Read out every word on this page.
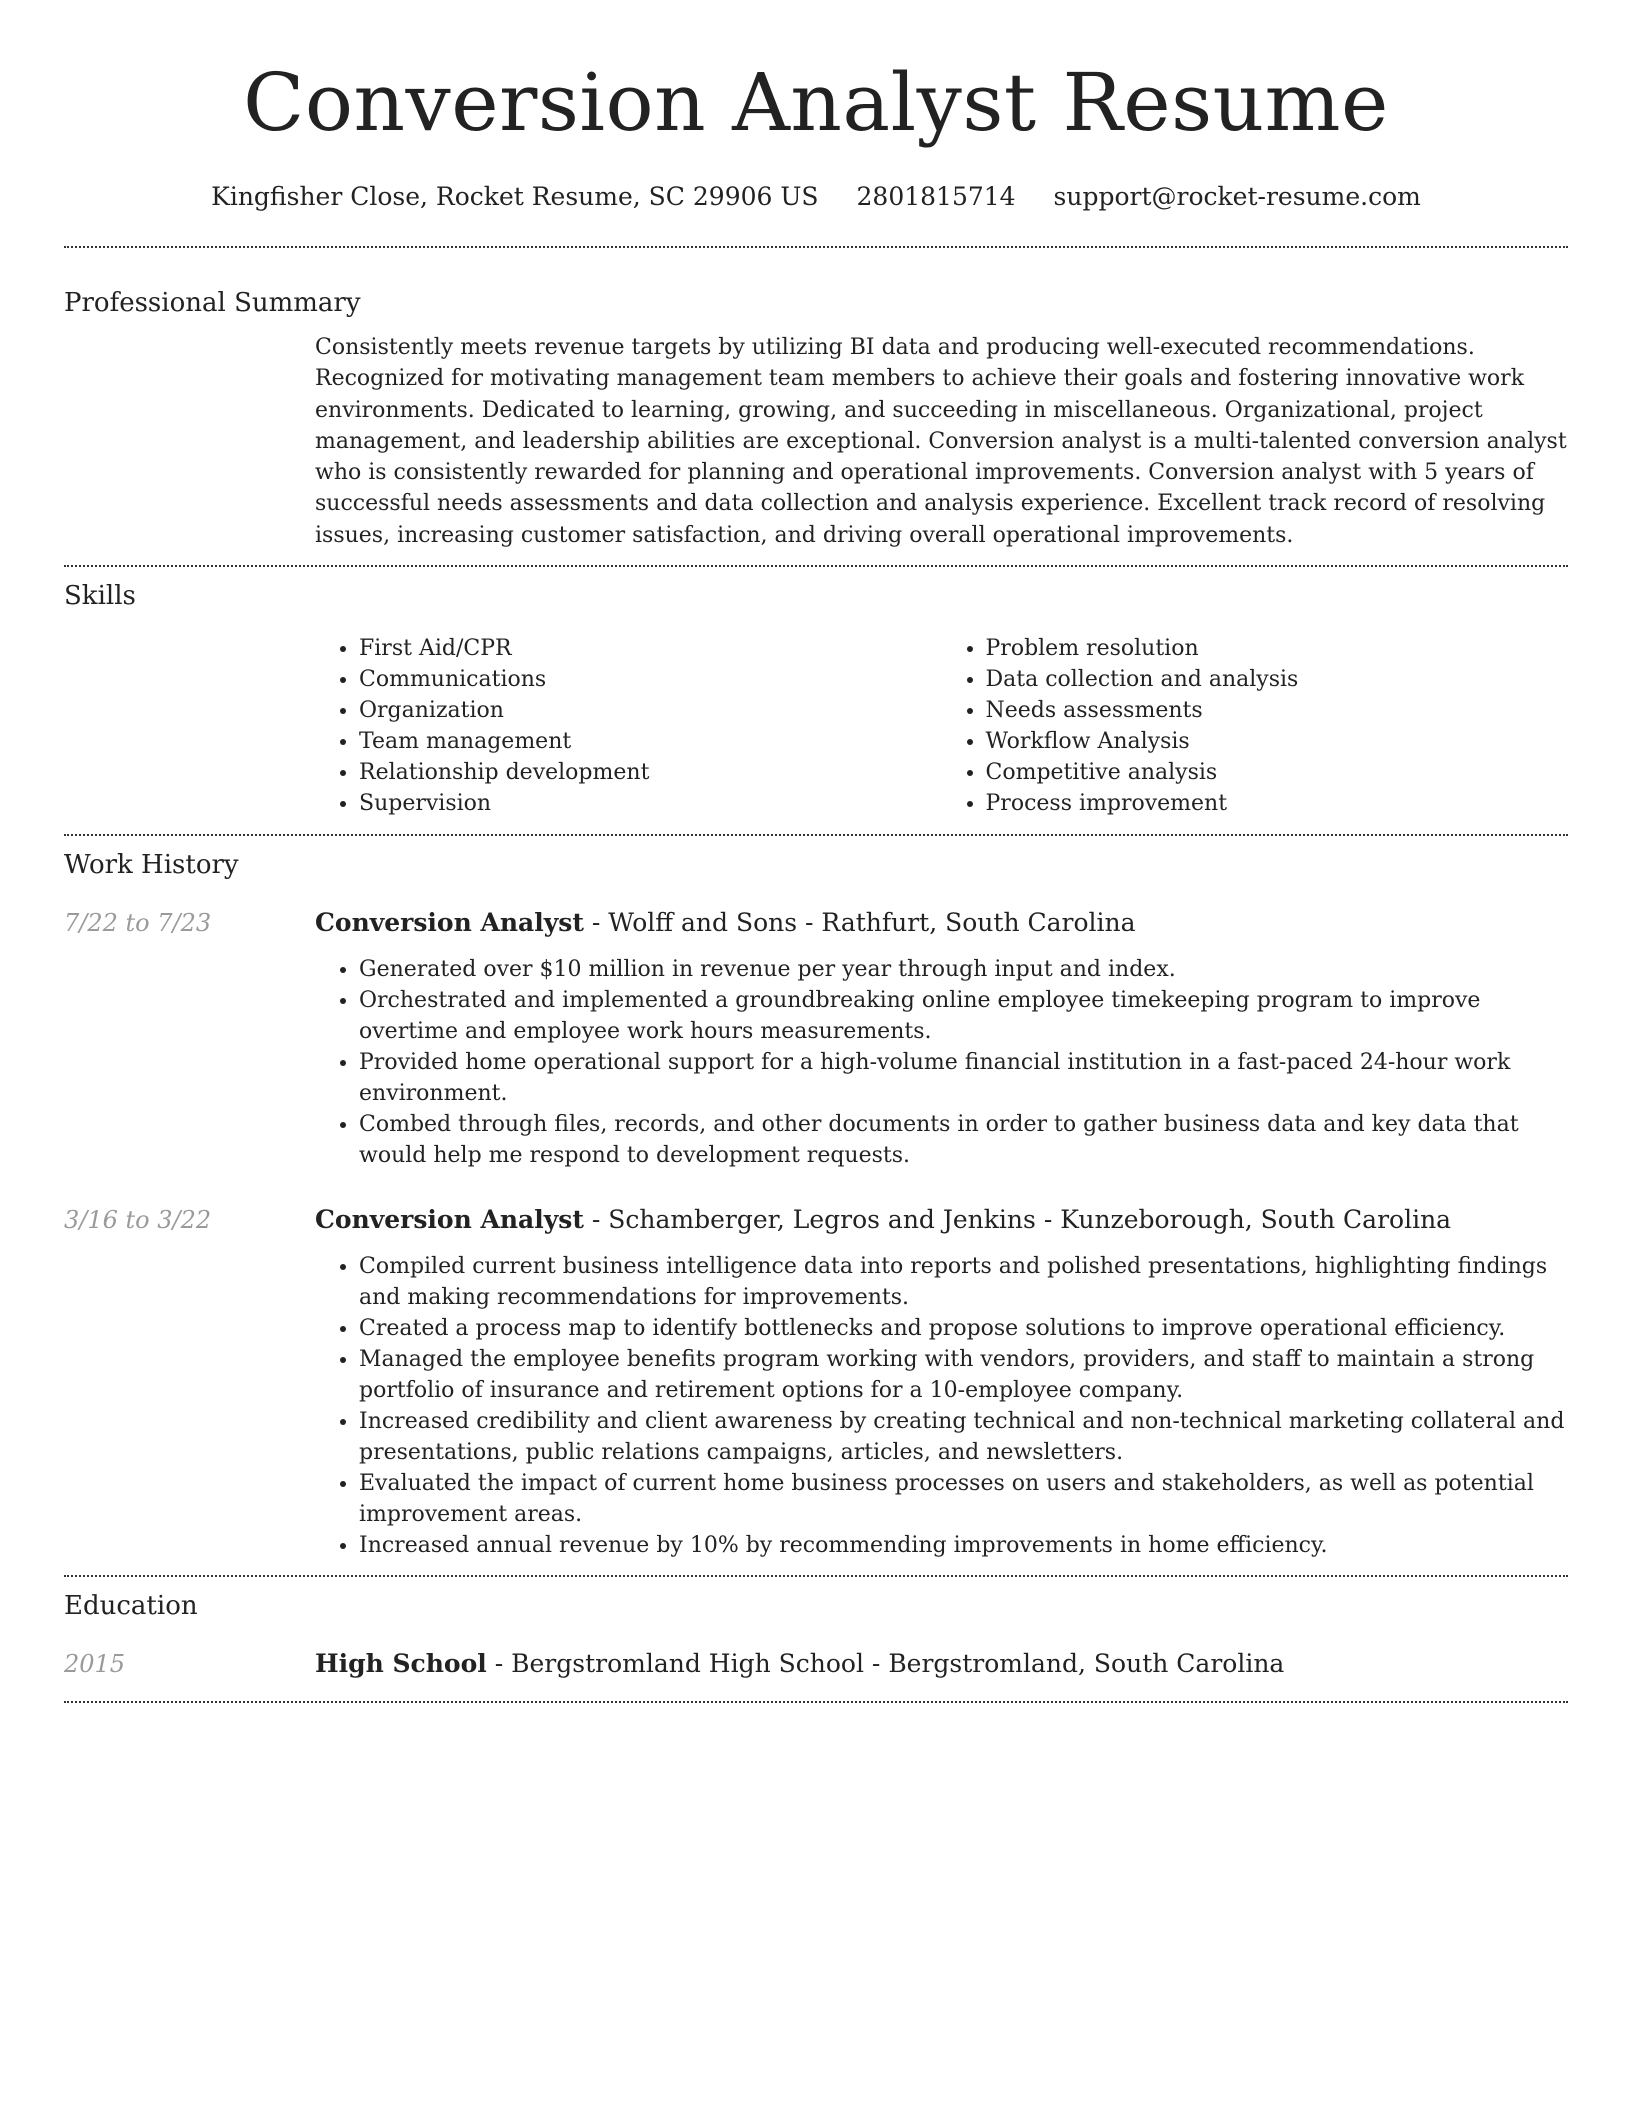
Conversion Analyst Resume
Kingfisher Close, Rocket Resume, SC 29906 US 2801815714 support@rocket-resume.com
Professional Summary

Consistently meets revenue targets by utilizing BI data and producing well-executed recommendations. Recognized for motivating management team members to achieve their goals and fostering innovative work environments. Dedicated to learning, growing, and succeeding in miscellaneous. Organizational, project management, and leadership abilities are exceptional. Conversion analyst is a multi-talented conversion analyst who is consistently rewarded for planning and operational improvements. Conversion analyst with 5 years of successful needs assessments and data collection and analysis experience. Excellent track record of resolving issues, increasing customer satisfaction, and driving overall operational improvements.

Skills
• First Aid/CPR
• Communications
• Organization
• Team management
• Relationship development
• Supervision
• Problem resolution
• Data collection and analysis
• Needs assessments
• Workflow Analysis
• Competitive analysis
• Process improvement
Work History
7/22 to 7/23	Conversion Analyst - Wolff and Sons - Rathfurt, South Carolina
• Generated over $10 million in revenue per year through input and index.
• Orchestrated and implemented a groundbreaking online employee timekeeping program to improve overtime and employee work hours measurements.
• Provided home operational support for a high-volume financial institution in a fast-paced 24-hour work environment.
• Combed through files, records, and other documents in order to gather business data and key data that would help me respond to development requests.
3/16 to 3/22	Conversion Analyst - Schamberger, Legros and Jenkins - Kunzeborough, South Carolina
• Compiled current business intelligence data into reports and polished presentations, highlighting findings and making recommendations for improvements.
• Created a process map to identify bottlenecks and propose solutions to improve operational efficiency.
• Managed the employee benefits program working with vendors, providers, and staff to maintain a strong portfolio of insurance and retirement options for a 10-employee company.
• Increased credibility and client awareness by creating technical and non-technical marketing collateral and presentations, public relations campaigns, articles, and newsletters.
• Evaluated the impact of current home business processes on users and stakeholders, as well as potential improvement areas.
• Increased annual revenue by 10% by recommending improvements in home efficiency.
Education
2015	High School - Bergstromland High School - Bergstromland, South Carolina
